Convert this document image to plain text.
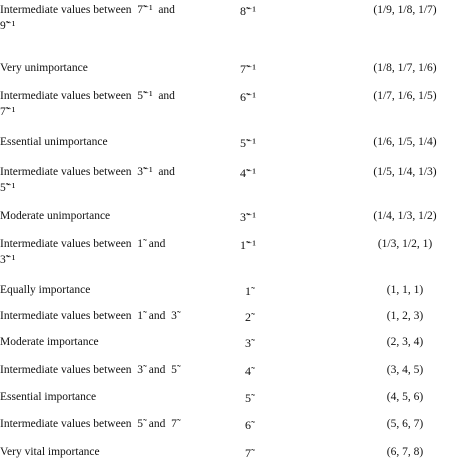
Intermediate values between  7̃⁻¹  and
9̃⁻¹
8̃⁻¹	(1/9, 1/8, 1/7)
Very unimportance	7̃⁻¹	(1/8, 1/7, 1/6)
Intermediate values between  5̃⁻¹  and
7̃⁻¹
6̃⁻¹	(1/7, 1/6, 1/5)
Essential unimportance	5̃⁻¹	(1/6, 1/5, 1/4)
Intermediate values between  3̃⁻¹  and
5̃⁻¹
4̃⁻¹	(1/5, 1/4, 1/3)
Moderate unimportance	3̃⁻¹	(1/4, 1/3, 1/2)
Intermediate values between  1̃  and
3̃⁻¹
1̃⁻¹	(1/3, 1/2, 1)
Equally importance	1̃	(1, 1, 1)
Intermediate values between  1̃  and  3̃	2̃	(1, 2, 3)
Moderate importance	3̃	(2, 3, 4)
Intermediate values between  3̃  and  5̃	4̃	(3, 4, 5)
Essential importance	5̃	(4, 5, 6)
Intermediate values between  5̃  and  7̃	6̃	(5, 6, 7)
Very vital importance	7̃	(6, 7, 8)
